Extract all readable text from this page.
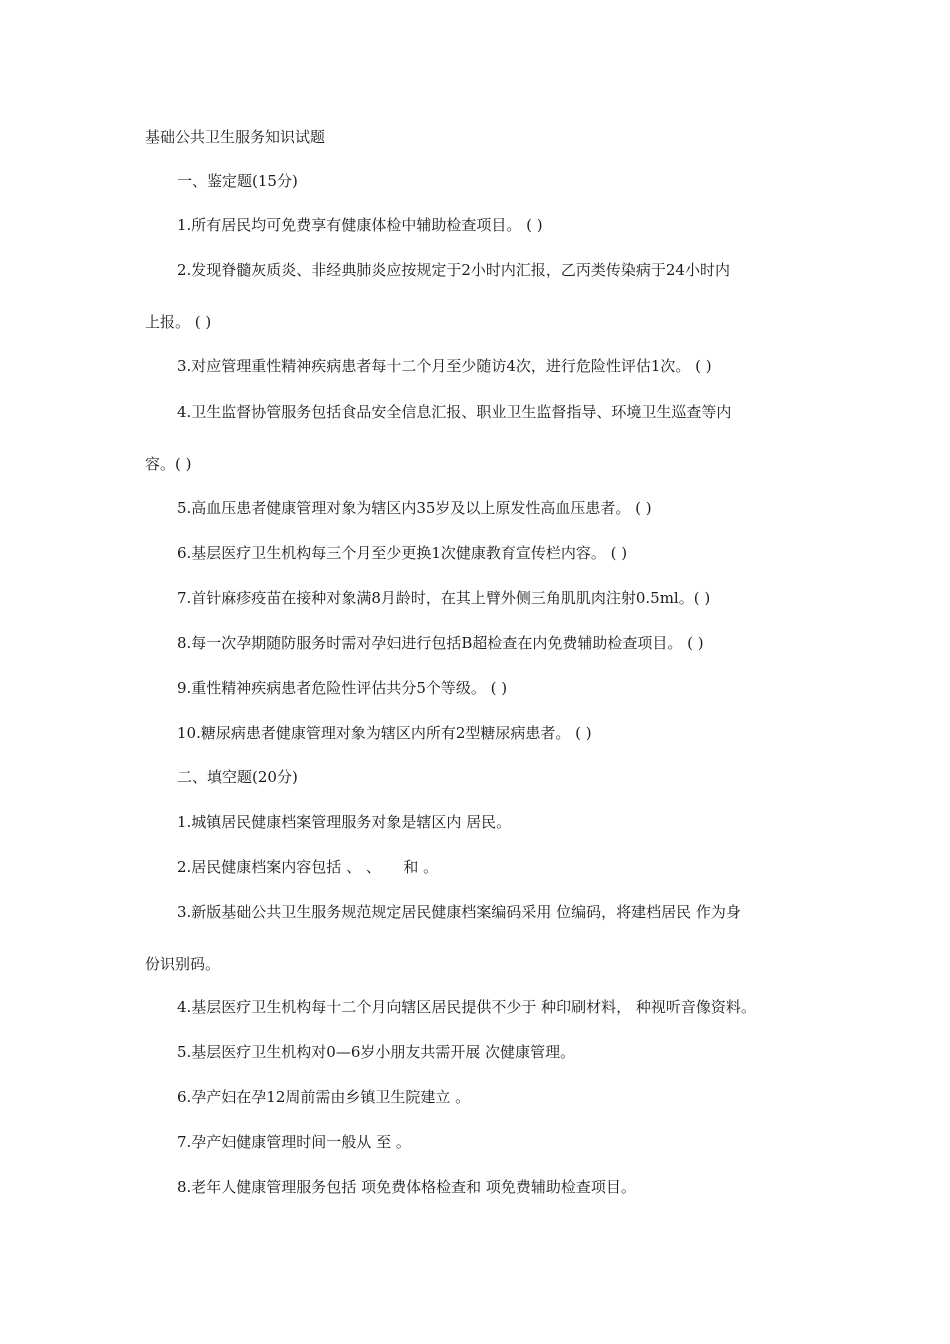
基础公共卫生服务知识试题
一、鉴定题(15分)
1.所有居民均可免费享有健康体检中辅助检查项目。 ( )
2.发现脊髓灰质炎、非经典肺炎应按规定于2小时内汇报，乙丙类传染病于24小时内
上报。 ( )
3.对应管理重性精神疾病患者每十二个月至少随访4次，进行危险性评估1次。 ( )
4.卫生监督协管服务包括食品安全信息汇报、职业卫生监督指导、环境卫生巡查等内
容。( )
5.高血压患者健康管理对象为辖区内35岁及以上原发性高血压患者。 ( )
6.基层医疗卫生机构每三个月至少更换1次健康教育宣传栏内容。 ( )
7.首针麻疹疫苗在接种对象满8月龄时，在其上臂外侧三角肌肌肉注射0.5ml。( )
8.每一次孕期随防服务时需对孕妇进行包括B超检查在内免费辅助检查项目。 ( )
9.重性精神疾病患者危险性评估共分5个等级。 ( )
10.糖尿病患者健康管理对象为辖区内所有2型糖尿病患者。 ( )
二、填空题(20分)
1.城镇居民健康档案管理服务对象是辖区内 居民。
2.居民健康档案内容包括 、 、　　和 。
3.新版基础公共卫生服务规范规定居民健康档案编码采用 位编码，将建档居民 作为身
份识别码。
4.基层医疗卫生机构每十二个月向辖区居民提供不少于 种印刷材料， 种视听音像资料。
5.基层医疗卫生机构对0—6岁小朋友共需开展 次健康管理。
6.孕产妇在孕12周前需由乡镇卫生院建立 。
7.孕产妇健康管理时间一般从 至 。
8.老年人健康管理服务包括 项免费体格检查和 项免费辅助检查项目。
